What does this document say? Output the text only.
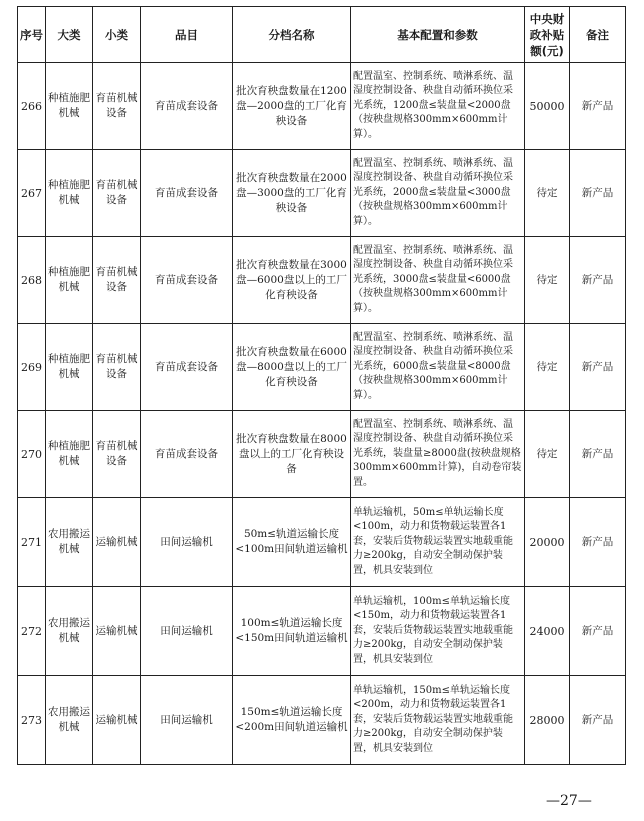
序号	大类	小类	品目	分档名称	基本配置和参数	中央财政补贴额(元)	备注
266	种植施肥机械	育苗机械设备	育苗成套设备	批次育秧盘数量在1200盘—2000盘的工厂化育秧设备	配置温室、控制系统、喷淋系统、温湿度控制设备、秧盘自动循环换位采光系统，1200盘≤装盘量<2000盘（按秧盘规格300mm×600mm计算）。	50000	新产品
267	种植施肥机械	育苗机械设备	育苗成套设备	批次育秧盘数量在2000盘—3000盘的工厂化育秧设备	配置温室、控制系统、喷淋系统、温湿度控制设备、秧盘自动循环换位采光系统，2000盘≤装盘量<3000盘（按秧盘规格300mm×600mm计算）。	待定	新产品
268	种植施肥机械	育苗机械设备	育苗成套设备	批次育秧盘数量在3000盘—6000盘以上的工厂化育秧设备	配置温室、控制系统、喷淋系统、温湿度控制设备、秧盘自动循环换位采光系统，3000盘≤装盘量<6000盘（按秧盘规格300mm×600mm计算）。	待定	新产品
269	种植施肥机械	育苗机械设备	育苗成套设备	批次育秧盘数量在6000盘—8000盘以上的工厂化育秧设备	配置温室、控制系统、喷淋系统、温湿度控制设备、秧盘自动循环换位采光系统，6000盘≤装盘量<8000盘（按秧盘规格300mm×600mm计算）。	待定	新产品
270	种植施肥机械	育苗机械设备	育苗成套设备	批次育秧盘数量在8000盘以上的工厂化育秧设备	配置温室、控制系统、喷淋系统、温湿度控制设备、秧盘自动循环换位采光系统，装盘量≥8000盘(按秧盘规格300mm×600mm计算)，自动卷帘装置。	待定	新产品
271	农用搬运机械	运输机械	田间运输机	50m≤轨道运输长度<100m田间轨道运输机	单轨运输机，50m≤单轨运输长度<100m，动力和货物载运装置各1套，安装后货物载运装置实地载重能力≥200kg，自动安全制动保护装置，机具安装到位	20000	新产品
272	农用搬运机械	运输机械	田间运输机	100m≤轨道运输长度<150m田间轨道运输机	单轨运输机，100m≤单轨运输长度<150m，动力和货物载运装置各1套，安装后货物载运装置实地载重能力≥200kg，自动安全制动保护装置，机具安装到位	24000	新产品
273	农用搬运机械	运输机械	田间运输机	150m≤轨道运输长度<200m田间轨道运输机	单轨运输机，150m≤单轨运输长度<200m，动力和货物载运装置各1套，安装后货物载运装置实地载重能力≥200kg，自动安全制动保护装置，机具安装到位	28000	新产品
—27—
